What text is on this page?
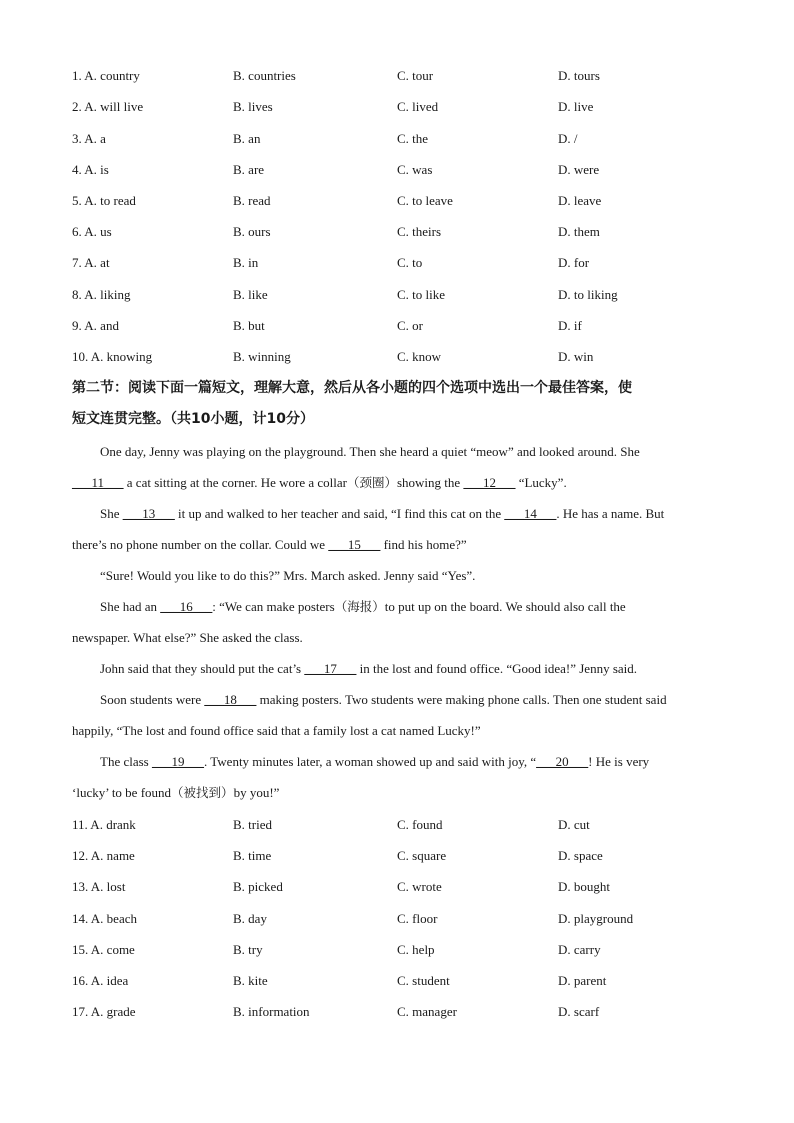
1. A. country	B. countries	C. tour	D. tours
2. A. will live	B. lives	C. lived	D. live
3. A. a	B. an	C. the	D. /
4. A. is	B. are	C. was	D. were
5. A. to read	B. read	C. to leave	D. leave
6. A. us	B. ours	C. theirs	D. them
7. A. at	B. in	C. to	D. for
8. A. liking	B. like	C. to like	D. to liking
9. A. and	B. but	C. or	D. if
10. A. knowing	B. winning	C. know	D. win
第二节：阅读下面一篇短文，理解大意，然后从各小题的四个选项中选出一个最佳答案，使
短文连贯完整。（共10小题，计10分）
One day, Jenny was playing on the playground. Then she heard a quiet “meow” and looked around. She
___11___ a cat sitting at the corner. He wore a collar（颈圈）showing the ___12___ “Lucky”.
She ___13___ it up and walked to her teacher and said, “I find this cat on the ___14___. He has a name. But
there’s no phone number on the collar. Could we ___15___ find his home?”
“Sure! Would you like to do this?” Mrs. March asked. Jenny said “Yes”.
She had an ___16___: “We can make posters（海报）to put up on the board. We should also call the
newspaper. What else?” She asked the class.
John said that they should put the cat’s ___17___ in the lost and found office. “Good idea!” Jenny said.
Soon students were ___18___ making posters. Two students were making phone calls. Then one student said
happily, “The lost and found office said that a family lost a cat named Lucky!”
The class ___19___. Twenty minutes later, a woman showed up and said with joy, “___20___! He is very
‘lucky’ to be found（被找到）by you!”
11. A. drank	B. tried	C. found	D. cut
12. A. name	B. time	C. square	D. space
13. A. lost	B. picked	C. wrote	D. bought
14. A. beach	B. day	C. floor	D. playground
15. A. come	B. try	C. help	D. carry
16. A. idea	B. kite	C. student	D. parent
17. A. grade	B. information	C. manager	D. scarf
